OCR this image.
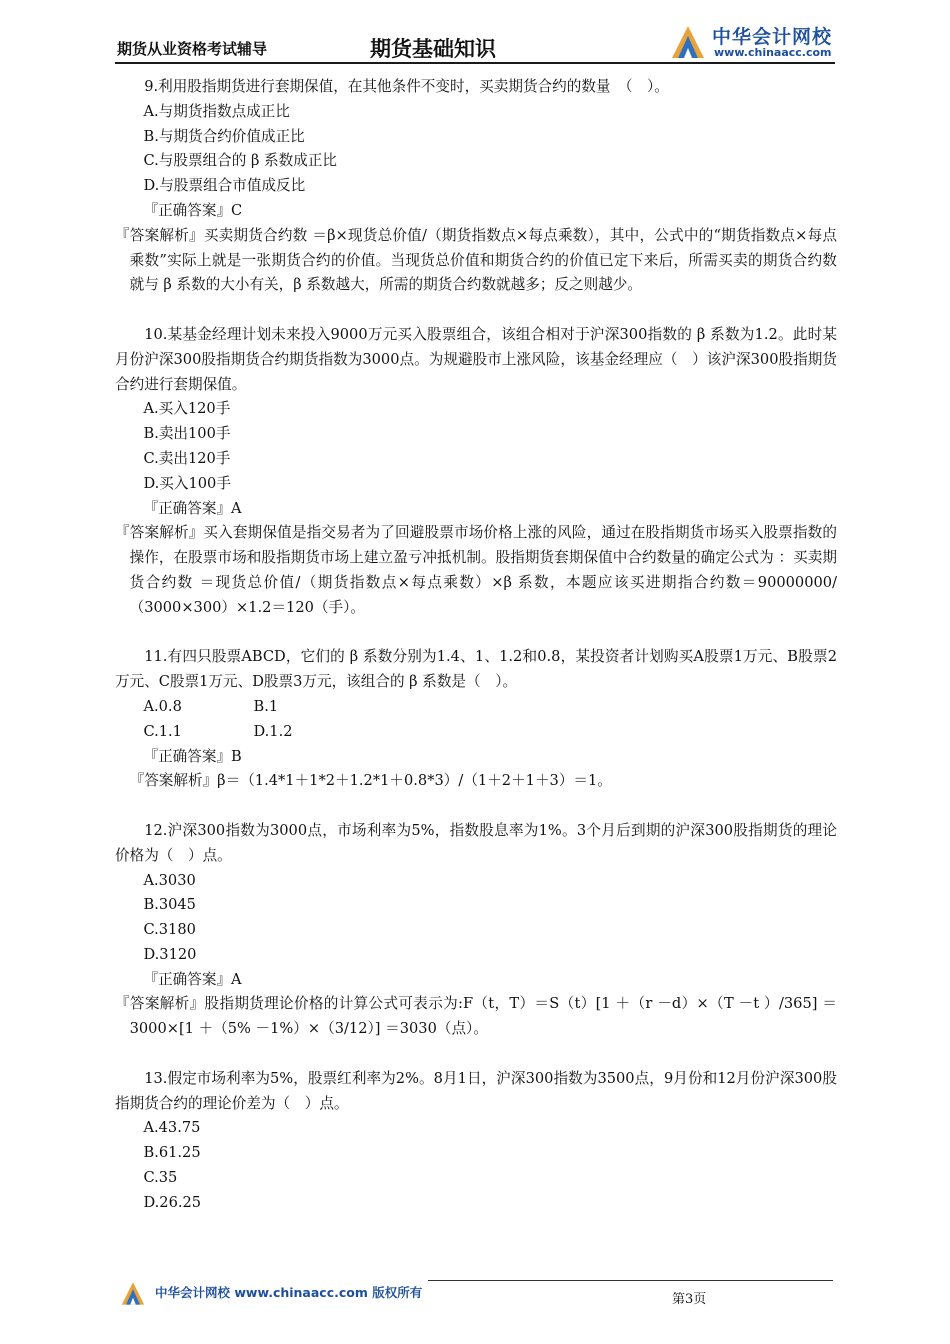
期货从业资格考试辅导	期货基础知识	中华会计网校
www.chinaacc.com

9.利用股指期货进行套期保值，在其他条件不变时，买卖期货合约的数量　（　）。

A.与期货指数点成正比

B.与期货合约价值成正比

C.与股票组合的 β 系数成正比

D.与股票组合市值成反比

『正确答案』C

『答案解析』买卖期货合约数 ＝β×现货总价值/（期货指数点×每点乘数），其中，公式中的“期货指数点×每点乘数”实际上就是一张期货合约的价值。当现货总价值和期货合约的价值已定下来后，所需买卖的期货合约数就与 β 系数的大小有关，β 系数越大，所需的期货合约数就越多；反之则越少。

10.某基金经理计划未来投入9000万元买入股票组合，该组合相对于沪深300指数的 β 系数为1.2。此时某月份沪深300股指期货合约期货指数为3000点。为规避股市上涨风险，该基金经理应（　）该沪深300股指期货合约进行套期保值。

A.买入120手

B.卖出100手

C.卖出120手

D.买入100手

『正确答案』A

『答案解析』买入套期保值是指交易者为了回避股票市场价格上涨的风险，通过在股指期货市场买入股票指数的操作，在股票市场和股指期货市场上建立盈亏冲抵机制。股指期货套期保值中合约数量的确定公式为 ：买卖期货合约数 ＝现货总价值/（期货指数点×每点乘数）×β 系数，本题应该买进期指合约数＝90000000/（3000×300）×1.2＝120（手）。

11.有四只股票ABCD，它们的 β 系数分别为1.4、1、1.2和0.8，某投资者计划购买A股票1万元、B股票2万元、C股票1万元、D股票3万元，该组合的 β 系数是（　）。

A.0.8	B.1

C.1.1	D.1.2

『正确答案』B

『答案解析』β＝（1.4*1＋1*2＋1.2*1＋0.8*3）/（1＋2＋1＋3）＝1。

12.沪深300指数为3000点，市场利率为5%，指数股息率为1%。3个月后到期的沪深300股指期货的理论价格为（　）点。

A.3030

B.3045

C.3180

D.3120

『正确答案』A

『答案解析』股指期货理论价格的计算公式可表示为:F（t，T）＝S（t）[1 ＋（r －d）×（T －t ）/365] ＝3000×[1 ＋（5% －1%）×（3/12）] ＝3030（点）。

13.假定市场利率为5%，股票红利率为2%。8月1日，沪深300指数为3500点，9月份和12月份沪深300股指期货合约的理论价差为（　）点。

A.43.75

B.61.25

C.35

D.26.25

中华会计网校 www.chinaacc.com 版权所有	第3页
